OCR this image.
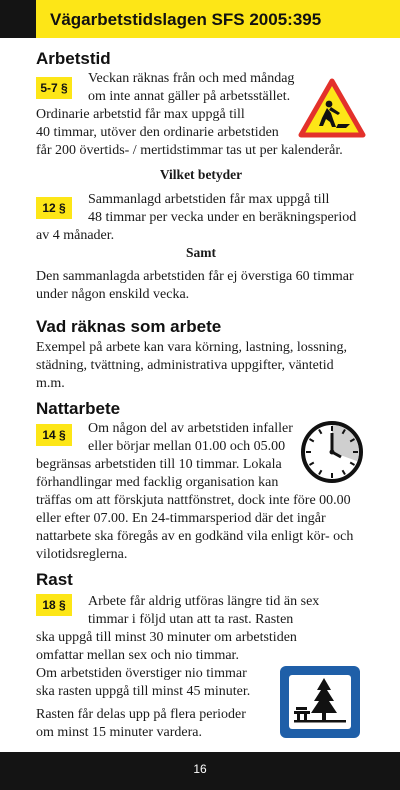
Vägarbetstidslagen SFS 2005:395
Arbetstid
5-7 §
Veckan räknas från och med måndag
om inte annat gäller på arbetsstället.
Ordinarie arbetstid får max uppgå till
40 timmar, utöver den ordinarie arbetstiden
får 200 övertids- / mertidstimmar tas ut per kalenderår.
Vilket betyder
12 §
Sammanlagd arbetstiden får max uppgå till
48 timmar per vecka under en beräkningsperiod
av 4 månader.
Samt
Den sammanlagda arbetstiden får ej överstiga 60 timmar
under någon enskild vecka.
Vad räknas som arbete
Exempel på arbete kan vara körning, lastning, lossning,
städning, tvättning, administrativa uppgifter, väntetid
m.m.
Nattarbete
14 §	Om någon del av arbetstiden infaller
eller börjar mellan 01.00 och 05.00
begränsas arbetstiden till 10 timmar. Lokala
förhandlingar med facklig organisation kan
träffas om att förskjuta nattfönstret, dock inte före 00.00
eller efter 07.00. En 24-timmarsperiod där det ingår
nattarbete ska föregås av en godkänd vila enligt kör- och
vilotidsreglerna.
Rast
18 §	Arbete får aldrig utföras längre tid än sex
timmar i följd utan att ta rast. Rasten
ska uppgå till minst 30 minuter om arbetstiden
omfattar mellan sex och nio timmar.
Om arbetstiden överstiger nio timmar
ska rasten uppgå till minst 45 minuter.
Rasten får delas upp på flera perioder
om minst 15 minuter vardera.
16
